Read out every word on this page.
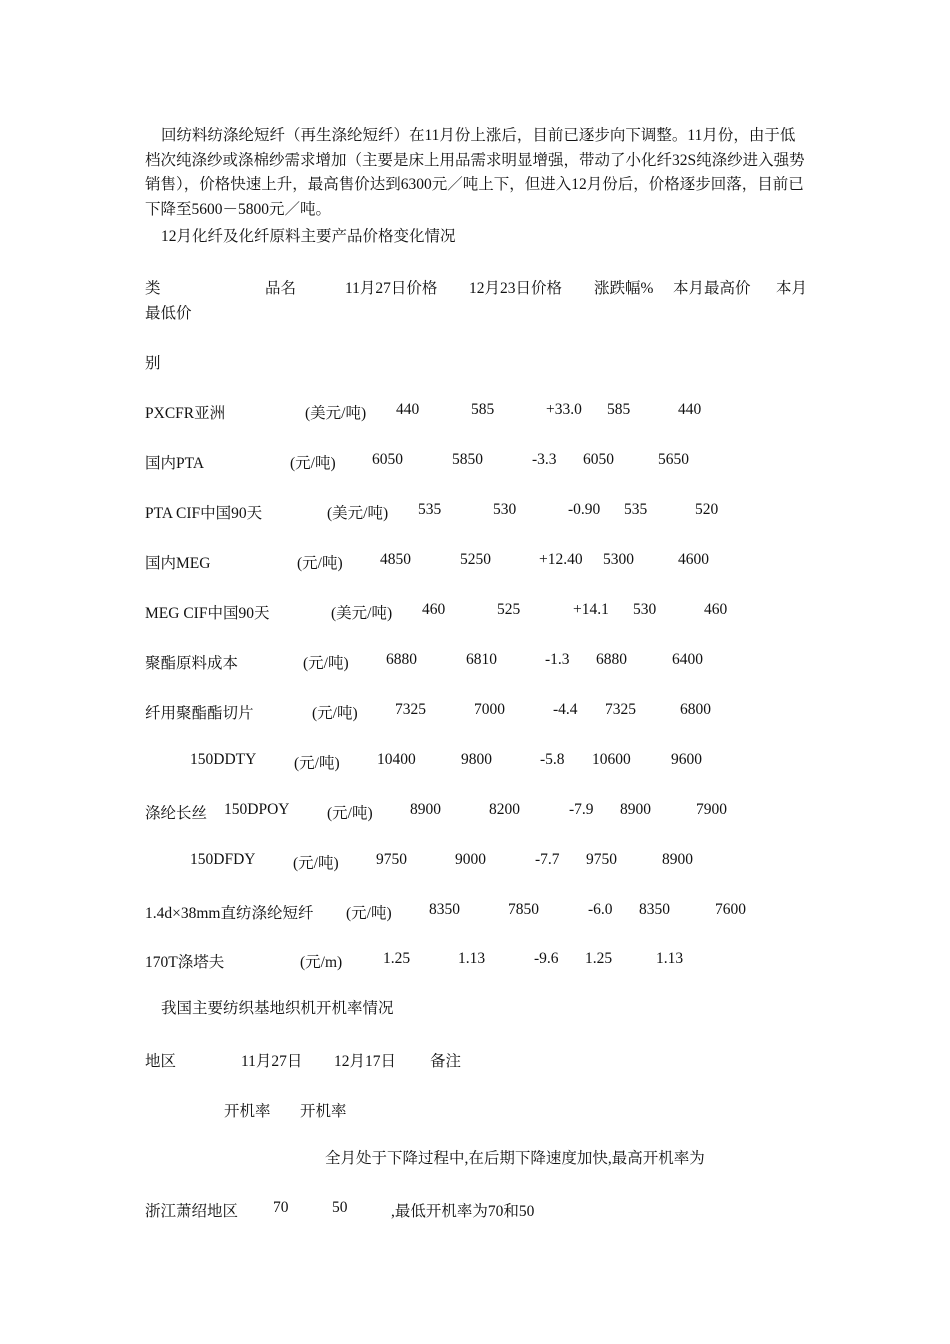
回纺料纺涤纶短纤（再生涤纶短纤）在11月份上涨后，目前已逐步向下调整。11月份，由于低档次纯涤纱或涤棉纱需求增加（主要是床上用品需求明显增强，带动了小化纤32S纯涤纱进入强势销售），价格快速上升，最高售价达到6300元／吨上下，但进入12月份后，价格逐步回落，目前已下降至5600－5800元／吨。

12月化纤及化纤原料主要产品价格变化情况
类	品名	11月27日价格 12月23日价格 涨跌幅% 本月最高价 本月
最低价
别
PXCFR亚洲	(美元/吨) 440	585	+33.0 585	440
国内PTA	(元/吨) 6050	5850	-3.3 6050	5650
PTA CIF中国90天	(美元/吨) 535	530	-0.90 535	520
国内MEG	(元/吨) 4850	5250	+12.40 5300	4600
MEG CIF中国90天	(美元/吨) 460	525	+14.1 530	460
聚酯原料成本	(元/吨) 6880	6810	-1.3 6880	6400
纤用聚酯酯切片	(元/吨) 7325	7000	-4.4 7325	6800
150DDTY (元/吨) 10400	9800	-5.8 10600	9600
涤纶长丝 150DPOY (元/吨) 8900	8200	-7.9 8900	7900
150DFDY (元/吨) 9750	9000	-7.7 9750	8900
1.4d×38mm直纺涤纶短纤 (元/吨) 8350	7850	-6.0 8350	7600
170T涤塔夫	(元/m)	1.25	1.13	-9.6 1.25	1.13
我国主要纺织基地织机开机率情况
地区	11月27日 12月17日 备注
开机率 开机率
全月处于下降过程中,在后期下降速度加快,最高开机率为
浙江萧绍地区 70	50	,最低开机率为70和50
